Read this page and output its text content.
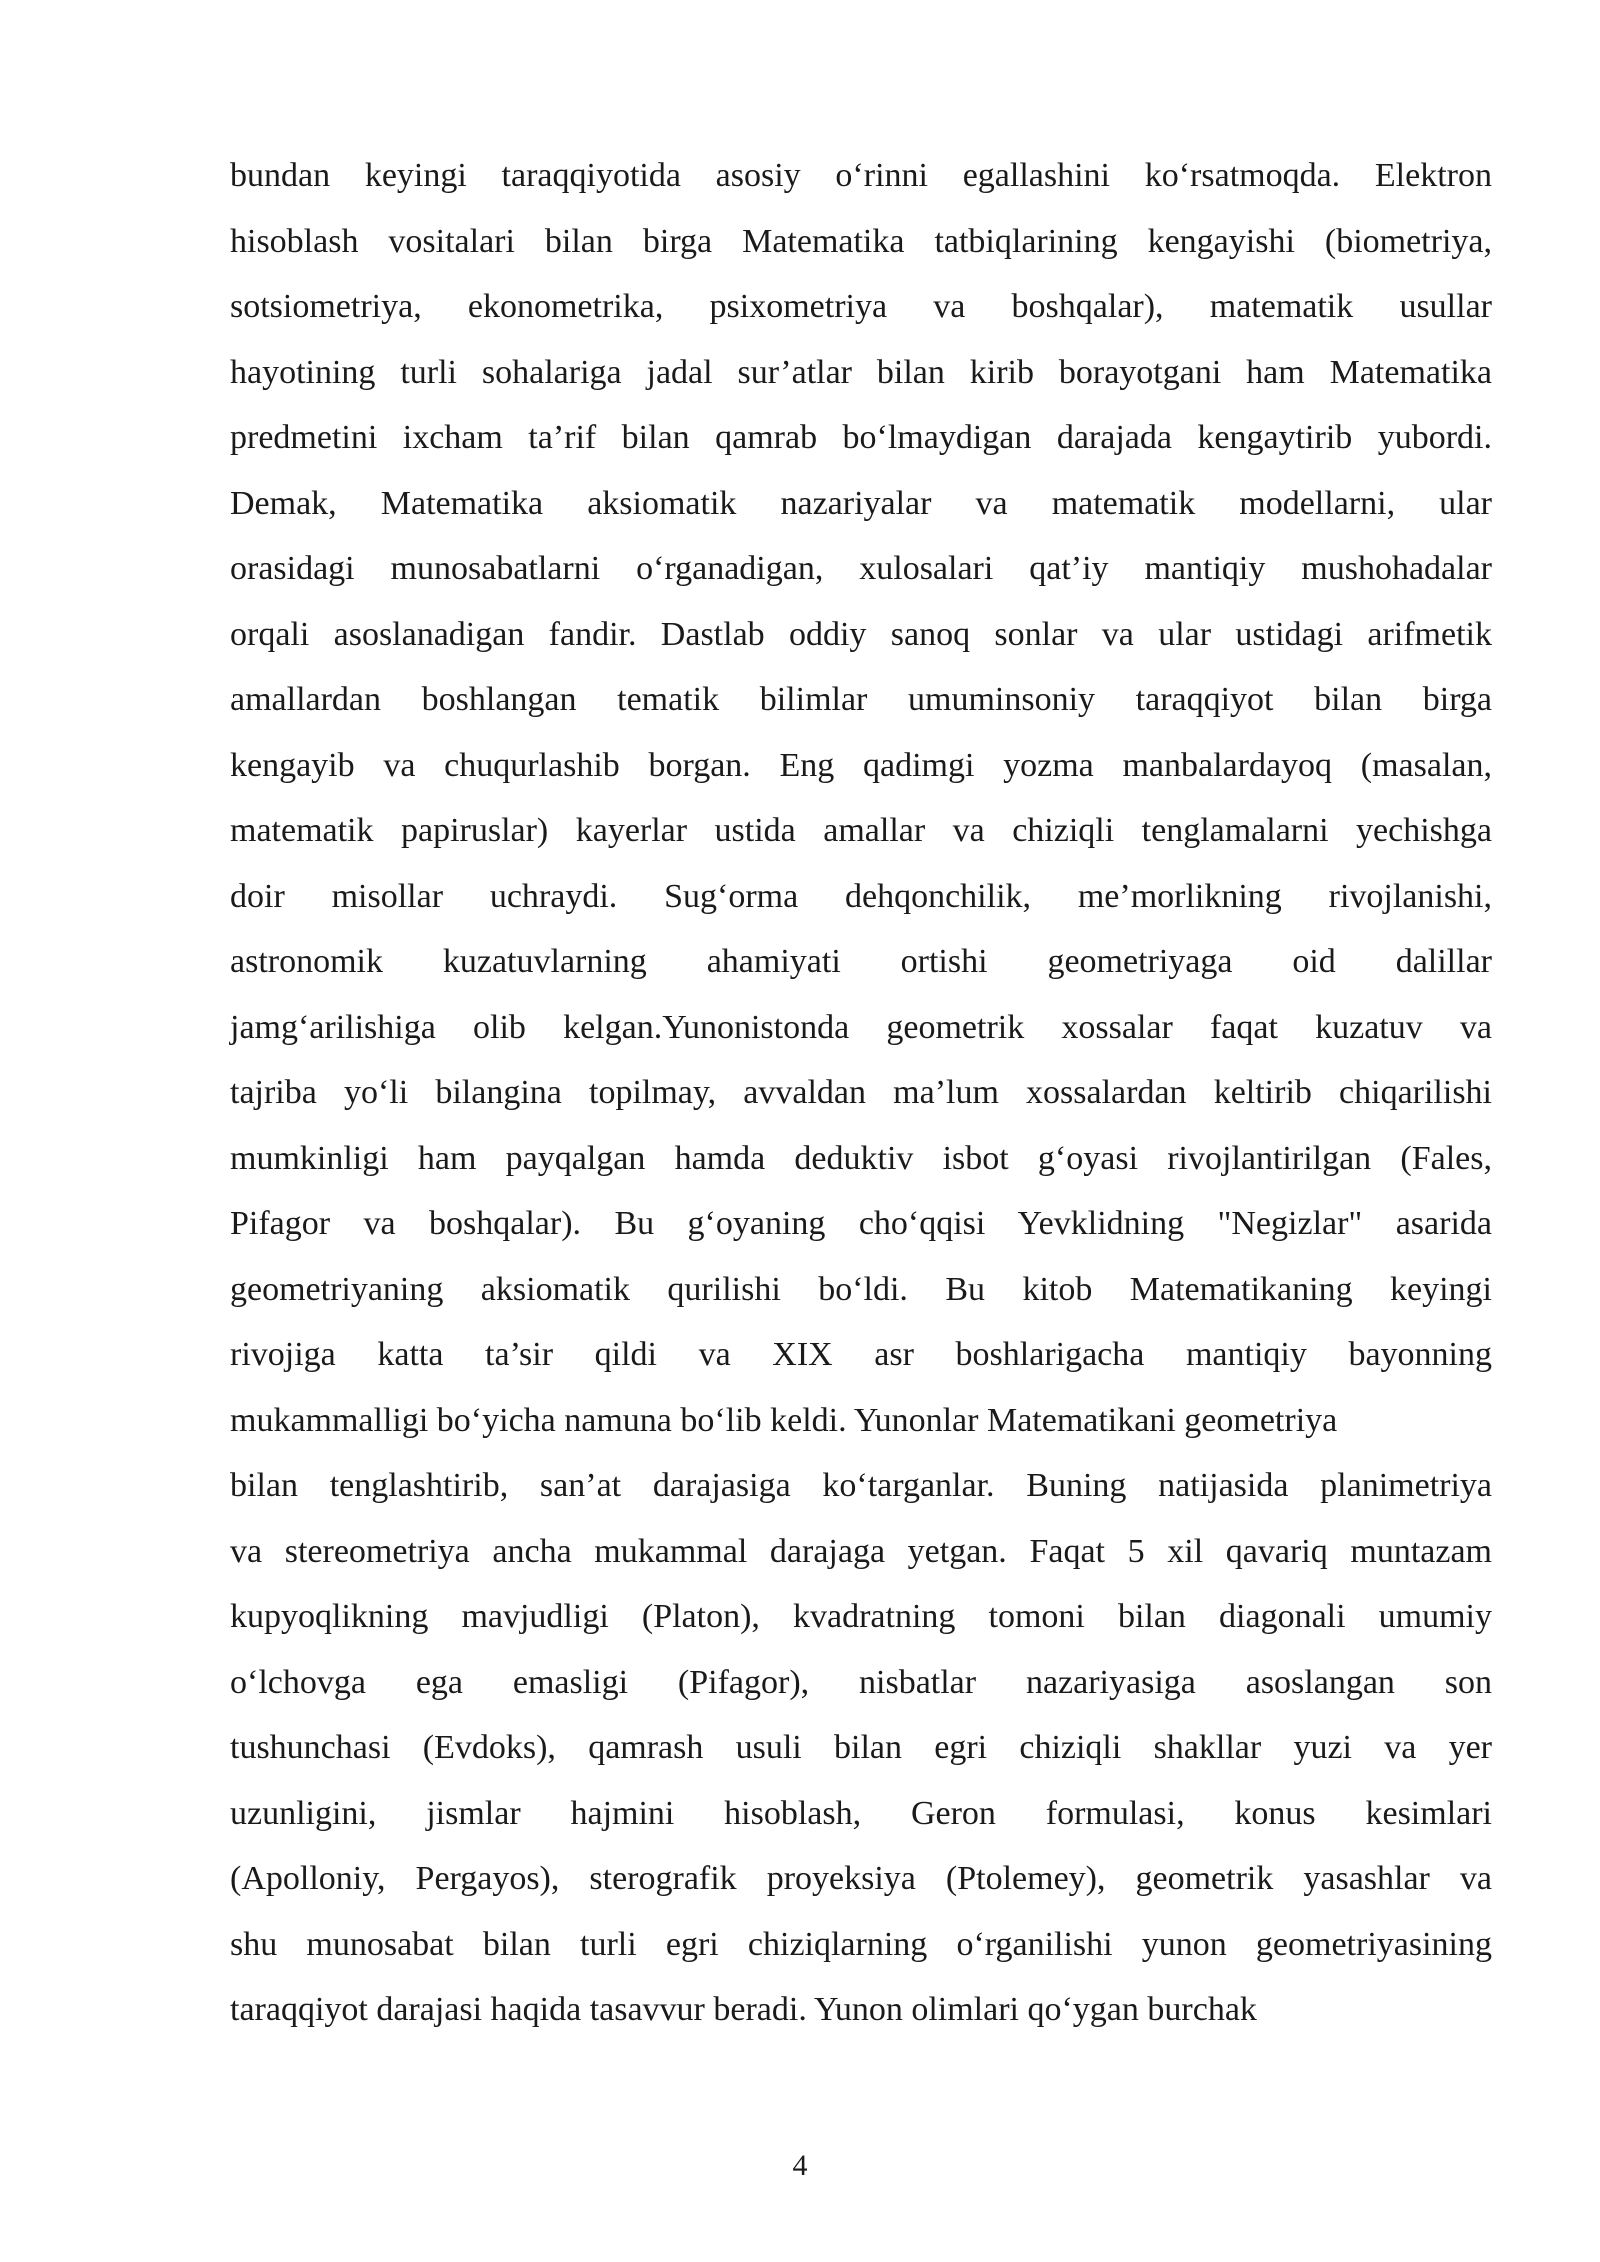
bundan keyingi taraqqiyotida asosiy o‘rinni egallashini ko‘rsatmoqda. Elektron
hisoblash vositalari bilan birga Matematika tatbiqlarining kengayishi (biometriya,
sotsiometriya, ekonometrika, psixometriya va boshqalar), matematik usullar
hayotining turli sohalariga jadal sur’atlar bilan kirib borayotgani ham Matematika
predmetini ixcham ta’rif bilan qamrab bo‘lmaydigan darajada kengaytirib yubordi.
Demak, Matematika aksiomatik nazariyalar va matematik modellarni, ular
orasidagi munosabatlarni o‘rganadigan, xulosalari qat’iy mantiqiy mushohadalar
orqali asoslanadigan fandir. Dastlab oddiy sanoq sonlar va ular ustidagi arifmetik
amallardan boshlangan tematik bilimlar umuminsoniy taraqqiyot bilan birga
kengayib va chuqurlashib borgan. Eng qadimgi yozma manbalardayoq (masalan,
matematik papiruslar) kayerlar ustida amallar va chiziqli tenglamalarni yechishga
doir misollar uchraydi. Sug‘orma dehqonchilik, me’morlikning rivojlanishi,
astronomik kuzatuvlarning ahamiyati ortishi geometriyaga oid dalillar
jamg‘arilishiga olib kelgan.Yunonistonda geometrik xossalar faqat kuzatuv va
tajriba yo‘li bilangina topilmay, avvaldan ma’lum xossalardan keltirib chiqarilishi
mumkinligi ham payqalgan hamda deduktiv isbot g‘oyasi rivojlantirilgan (Fales,
Pifagor va boshqalar). Bu g‘oyaning cho‘qqisi Yevklidning "Negizlar" asarida
geometriyaning aksiomatik qurilishi bo‘ldi. Bu kitob Matematikaning keyingi
rivojiga katta ta’sir qildi va XIX asr boshlarigacha mantiqiy bayonning
mukammalligi bo‘yicha namuna bo‘lib keldi. Yunonlar Matematikani geometriya
bilan tenglashtirib, san’at darajasiga ko‘targanlar. Buning natijasida planimetriya
va stereometriya ancha mukammal darajaga yetgan. Faqat 5 xil qavariq muntazam
kupyoqlikning mavjudligi (Platon), kvadratning tomoni bilan diagonali umumiy
o‘lchovga ega emasligi (Pifagor), nisbatlar nazariyasiga asoslangan son
tushunchasi (Evdoks), qamrash usuli bilan egri chiziqli shakllar yuzi va yer
uzunligini, jismlar hajmini hisoblash, Geron formulasi, konus kesimlari
(Apolloniy, Pergayos), sterografik proyeksiya (Ptolemey), geometrik yasashlar va
shu munosabat bilan turli egri chiziqlarning o‘rganilishi yunon geometriyasining
taraqqiyot darajasi haqida tasavvur beradi. Yunon olimlari qo‘ygan burchak
4
